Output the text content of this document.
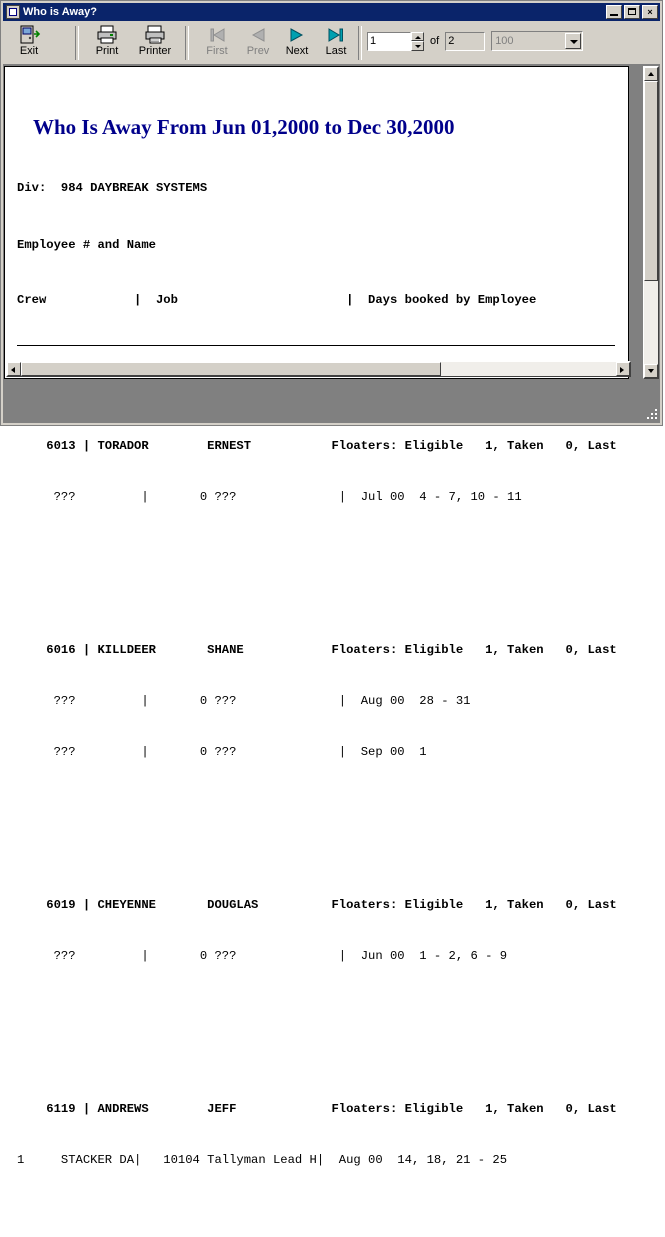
Who is Away?	×
Exit	Print	Printer	First	Prev	Next	Last
1
of
2	100

Who Is Away From Jun 01,2000 to Dec 30,2000

Div:  984 DAYBREAK SYSTEMS

Employee # and Name

Crew            |  Job                       |  Days booked by Employee

6013 | TORADOR        ERNEST           Floaters: Eligible   1, Taken   0, Last

???         |       0 ???              |  Jul 00  4 - 7, 10 - 11

6016 | KILLDEER       SHANE            Floaters: Eligible   1, Taken   0, Last

???         |       0 ???              |  Aug 00  28 - 31

???         |       0 ???              |  Sep 00  1

6019 | CHEYENNE       DOUGLAS          Floaters: Eligible   1, Taken   0, Last

???         |       0 ???              |  Jun 00  1 - 2, 6 - 9

6119 | ANDREWS        JEFF             Floaters: Eligible   1, Taken   0, Last

1     STACKER DA|   10104 Tallyman Lead H|  Aug 00  14, 18, 21 - 25
